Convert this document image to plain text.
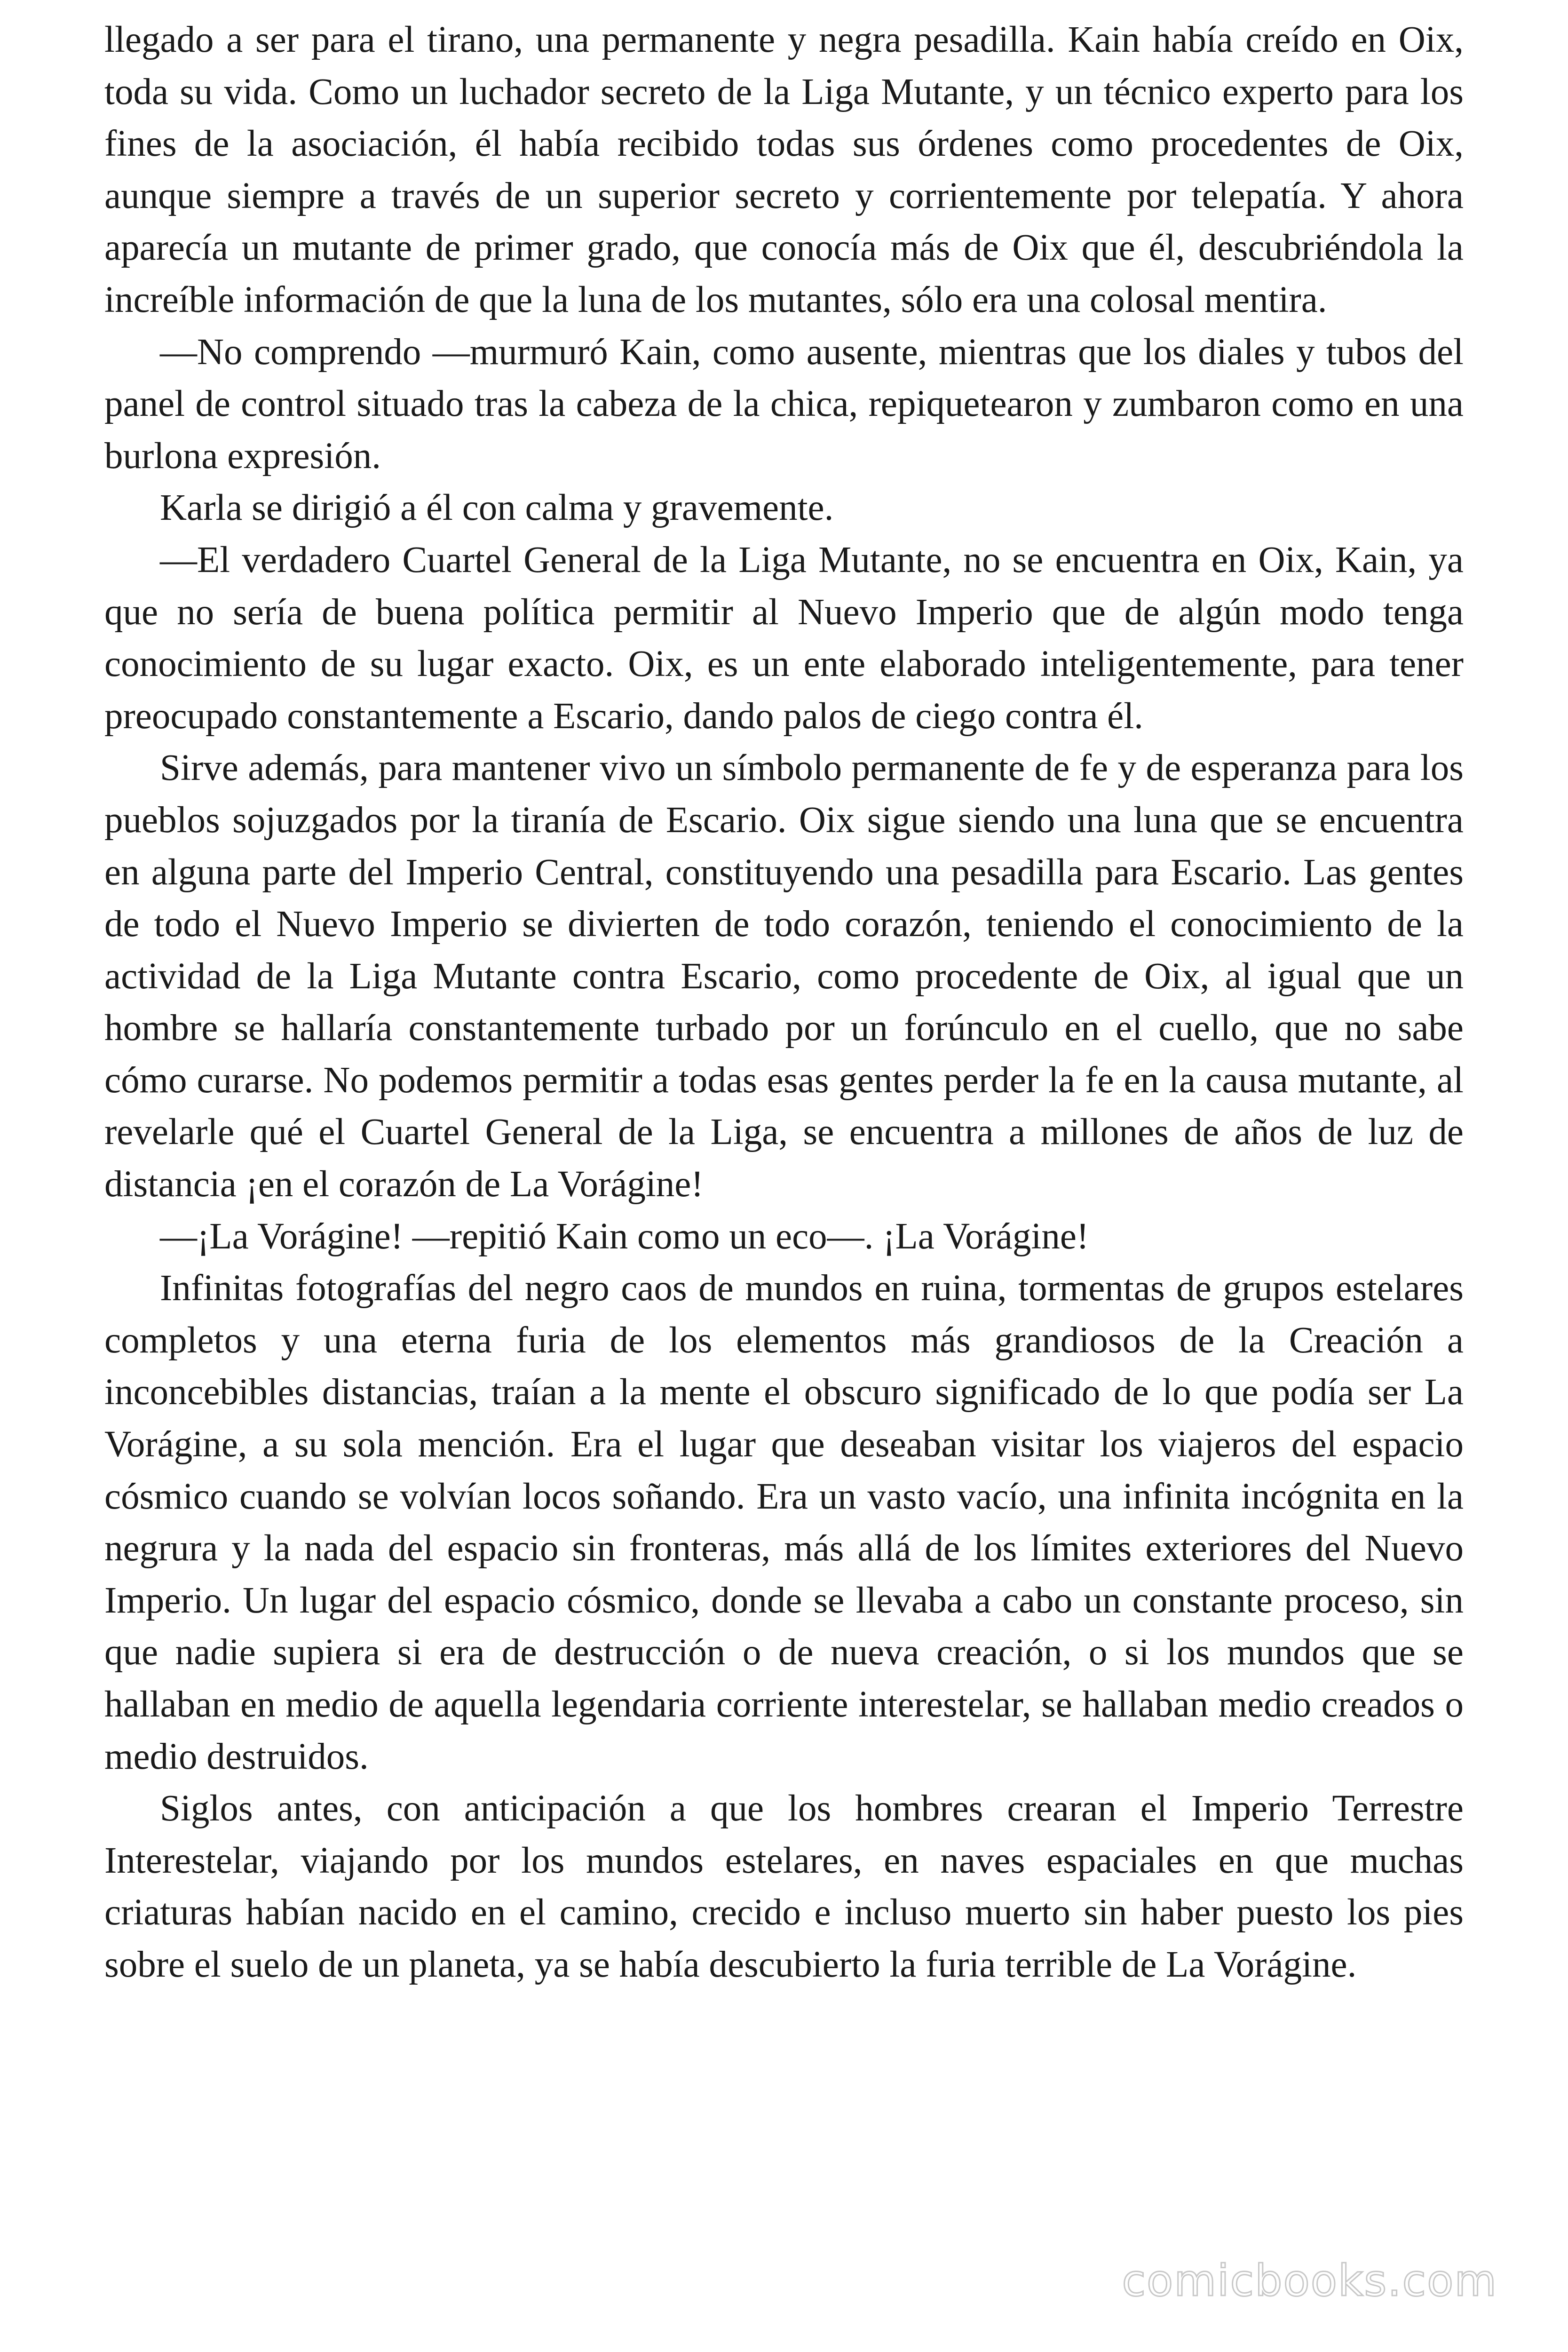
llegado a ser para el tirano, una permanente y negra pesadilla. Kain había creído en Oix, toda su vida. Como un luchador secreto de la Liga Mutante, y un técnico experto para los fines de la asociación, él había recibido todas sus órdenes como procedentes de Oix, aunque siempre a través de un superior secreto y corrientemente por telepatía. Y ahora aparecía un mutante de primer grado, que conocía más de Oix que él, descubriéndola la increíble información de que la luna de los mutantes, sólo era una colosal mentira.

—No comprendo —murmuró Kain, como ausente, mientras que los diales y tubos del panel de control situado tras la cabeza de la chica, repiquetearon y zumbaron como en una burlona expresión.

Karla se dirigió a él con calma y gravemente.

—El verdadero Cuartel General de la Liga Mutante, no se encuentra en Oix, Kain, ya que no sería de buena política permitir al Nuevo Imperio que de algún modo tenga conocimiento de su lugar exacto. Oix, es un ente elaborado inteligentemente, para tener preocupado constantemente a Escario, dando palos de ciego contra él.

Sirve además, para mantener vivo un símbolo permanente de fe y de esperanza para los pueblos sojuzgados por la tiranía de Escario. Oix sigue siendo una luna que se encuentra en alguna parte del Imperio Central, constituyendo una pesadilla para Escario. Las gentes de todo el Nuevo Imperio se divierten de todo corazón, teniendo el conocimiento de la actividad de la Liga Mutante contra Escario, como procedente de Oix, al igual que un hombre se hallaría constantemente turbado por un forúnculo en el cuello, que no sabe cómo curarse. No podemos permitir a todas esas gentes perder la fe en la causa mutante, al revelarle qué el Cuartel General de la Liga, se encuentra a millones de años de luz de distancia ¡en el corazón de La Vorágine!

—¡La Vorágine! —repitió Kain como un eco—. ¡La Vorágine!

Infinitas fotografías del negro caos de mundos en ruina, tormentas de grupos estelares completos y una eterna furia de los elementos más grandiosos de la Creación a inconcebibles distancias, traían a la mente el obscuro significado de lo que podía ser La Vorágine, a su sola mención. Era el lugar que deseaban visitar los viajeros del espacio cósmico cuando se volvían locos soñando. Era un vasto vacío, una infinita incógnita en la negrura y la nada del espacio sin fronteras, más allá de los límites exteriores del Nuevo Imperio. Un lugar del espacio cósmico, donde se llevaba a cabo un constante proceso, sin que nadie supiera si era de destrucción o de nueva creación, o si los mundos que se hallaban en medio de aquella legendaria corriente interestelar, se hallaban medio creados o medio destruidos.

Siglos antes, con anticipación a que los hombres crearan el Imperio Terrestre Interestelar, viajando por los mundos estelares, en naves espaciales en que muchas criaturas habían nacido en el camino, crecido e incluso muerto sin haber puesto los pies sobre el suelo de un planeta, ya se había descubierto la furia terrible de La Vorágine.

comicbooks.com
